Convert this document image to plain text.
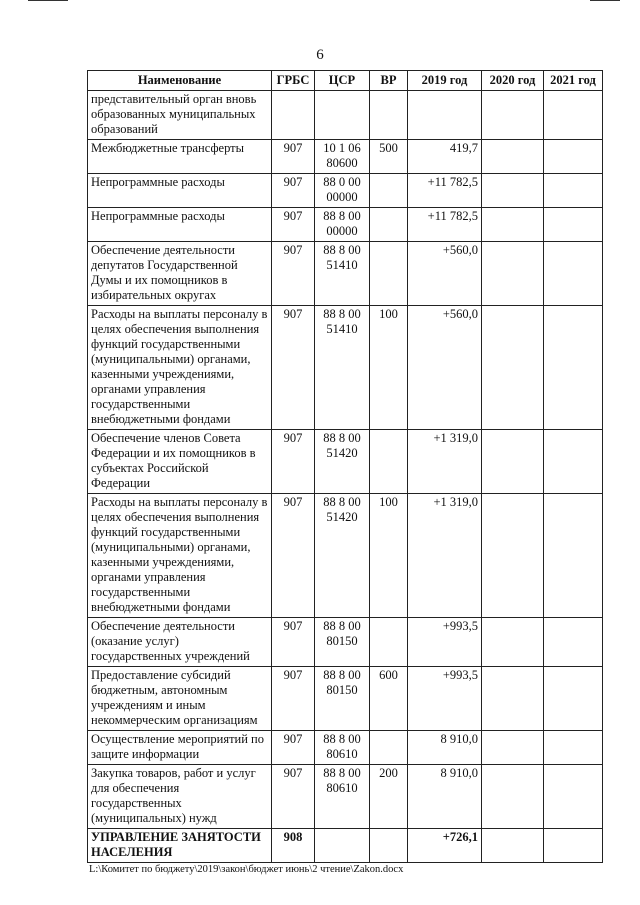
6
Наименование	ГРБС	ЦСР	ВР	2019 год	2020 год	2021 год
представительный орган вновь образованных муниципальных образований						
Межбюджетные трансферты	907	10 1 06 80600	500	419,7		
Непрограммные расходы	907	88 0 00 00000		+11 782,5		
Непрограммные расходы	907	88 8 00 00000		+11 782,5		
Обеспечение деятельности депутатов Государственной Думы и их помощников в избирательных округах	907	88 8 00 51410		+560,0		
Расходы на выплаты персоналу в целях обеспечения выполнения функций государственными (муниципальными) органами, казенными учреждениями, органами управления государственными внебюджетными фондами	907	88 8 00 51410	100	+560,0		
Обеспечение членов Совета Федерации и их помощников в субъектах Российской Федерации	907	88 8 00 51420		+1 319,0		
Расходы на выплаты персоналу в целях обеспечения выполнения функций государственными (муниципальными) органами, казенными учреждениями, органами управления государственными внебюджетными фондами	907	88 8 00 51420	100	+1 319,0		
Обеспечение деятельности (оказание услуг) государственных учреждений	907	88 8 00 80150		+993,5		
Предоставление субсидий бюджетным, автономным учреждениям и иным некоммерческим организациям	907	88 8 00 80150	600	+993,5		
Осуществление мероприятий по защите информации	907	88 8 00 80610		8 910,0		
Закупка товаров, работ и услуг для обеспечения государственных (муниципальных) нужд	907	88 8 00 80610	200	8 910,0		
УПРАВЛЕНИЕ ЗАНЯТОСТИ НАСЕЛЕНИЯ	908			+726,1		
L:\Комитет по бюджету\2019\закон\бюджет июнь\2 чтение\Zakon.docx
